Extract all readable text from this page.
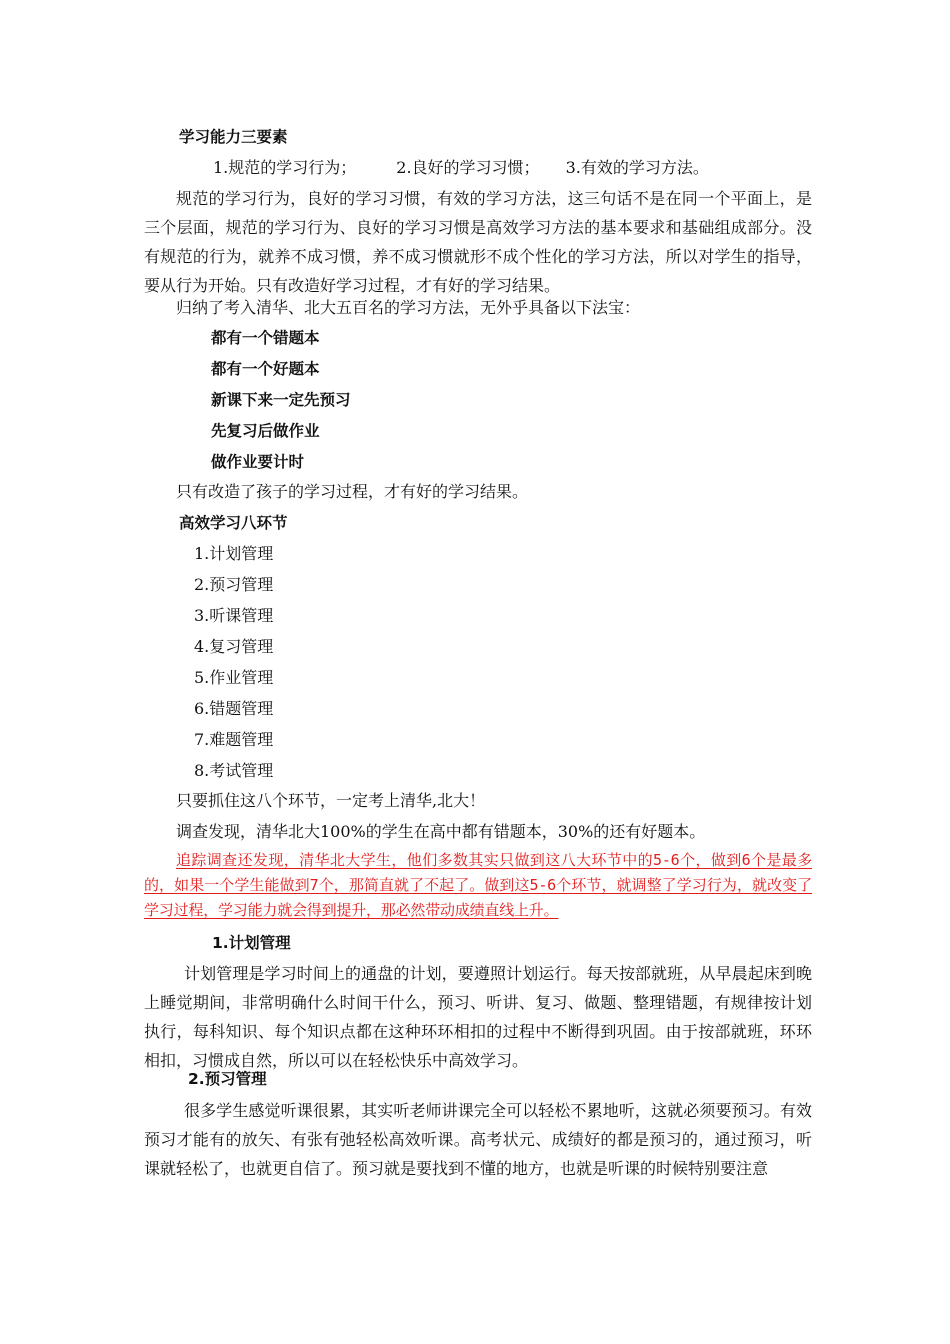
学习能力三要素
1.规范的学习行为；	2.良好的学习习惯； 3.有效的学习方法。
规范的学习行为，良好的学习习惯，有效的学习方法，这三句话不是在同一个平面上，是三个层面，规范的学习行为、良好的学习习惯是高效学习方法的基本要求和基础组成部分。没有规范的行为，就养不成习惯，养不成习惯就形不成个性化的学习方法，所以对学生的指导，要从行为开始。只有改造好学习过程，才有好的学习结果。
归纳了考入清华、北大五百名的学习方法，无外乎具备以下法宝：
都有一个错题本
都有一个好题本
新课下来一定先预习
先复习后做作业
做作业要计时
只有改造了孩子的学习过程，才有好的学习结果。
高效学习八环节
1.计划管理
2.预习管理
3.听课管理
4.复习管理
5.作业管理
6.错题管理
7.难题管理
8.考试管理
只要抓住这八个环节，一定考上清华,北大！
调查发现，清华北大100%的学生在高中都有错题本，30%的还有好题本。
追踪调查还发现，清华北大学生，他们多数其实只做到这八大环节中的5-6个，做到6个是最多的，如果一个学生能做到7个，那简直就了不起了。做到这5-6个环节，就调整了学习行为，就改变了学习过程，学习能力就会得到提升，那必然带动成绩直线上升。
1.计划管理
计划管理是学习时间上的通盘的计划，要遵照计划运行。每天按部就班，从早晨起床到晚上睡觉期间，非常明确什么时间干什么，预习、听讲、复习、做题、整理错题，有规律按计划执行，每科知识、每个知识点都在这种环环相扣的过程中不断得到巩固。由于按部就班，环环相扣，习惯成自然，所以可以在轻松快乐中高效学习。
2.预习管理
很多学生感觉听课很累，其实听老师讲课完全可以轻松不累地听，这就必须要预习。有效预习才能有的放矢、有张有弛轻松高效听课。高考状元、成绩好的都是预习的，通过预习，听课就轻松了，也就更自信了。预习就是要找到不懂的地方，也就是听课的时候特别要注意
